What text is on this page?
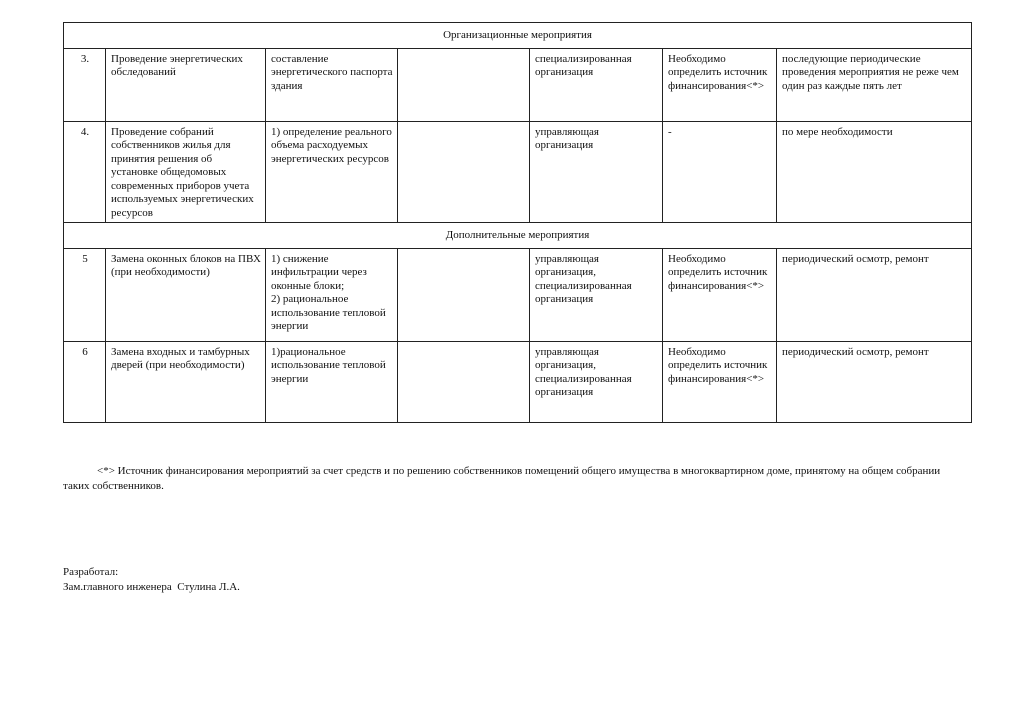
Организационные мероприятия						
3.	Проведение энергетических обследований	составление энергетического паспорта здания		специализированная организация	Необходимо определить источник финансирования<*>	последующие периодические проведения мероприятия не реже чем один раз каждые пять лет
4.	Проведение собраний собственников жилья для принятия решения об установке общедомовых современных приборов учета используемых энергетических ресурсов	1) определение реального объема расходуемых энергетических ресурсов		управляющая организация	-	по мере необходимости
Дополнительные мероприятия						
5	Замена оконных блоков на ПВХ (при необходимости)	1) снижение инфильтрации через оконные блоки;
2) рациональное использование тепловой энергии		управляющая организация, специализированная организация	Необходимо определить источник финансирования<*>	периодический осмотр, ремонт
6	Замена входных и тамбурных дверей (при необходимости)	1)рациональное использование тепловой энергии		управляющая организация, специализированная организация	Необходимо определить источник финансирования<*>	периодический осмотр, ремонт
<*> Источник финансирования мероприятий за счет средств и по решению собственников помещений общего имущества в многоквартирном доме, принятому на общем собрании таких собственников.
Разработал:
Зам.главного инженера  Стулина Л.А.
